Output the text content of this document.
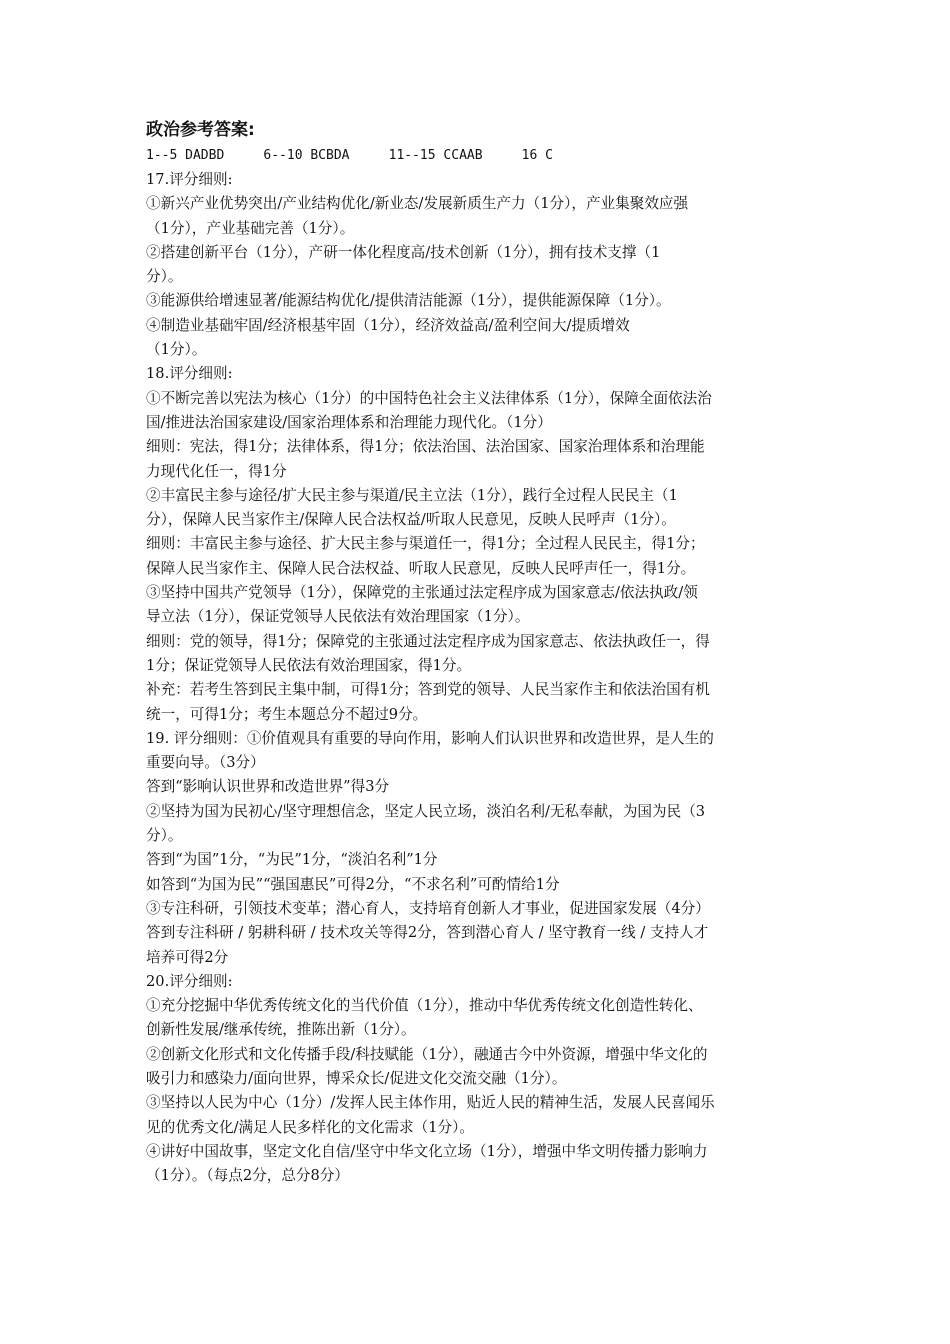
政治参考答案:
1--5 DADBD     6--10 BCBDA     11--15 CCAAB     16 C
17.评分细则:
①新兴产业优势突出/产业结构优化/新业态/发展新质生产力（1分），产业集聚效应强
（1分），产业基础完善（1分）。
②搭建创新平台（1分），产研一体化程度高/技术创新（1分），拥有技术支撑（1
分）。
③能源供给增速显著/能源结构优化/提供清洁能源（1分），提供能源保障（1分）。
④制造业基础牢固/经济根基牢固（1分），经济效益高/盈利空间大/提质增效
（1分）。
18.评分细则:
①不断完善以宪法为核心（1分）的中国特色社会主义法律体系（1分），保障全面依法治
国/推进法治国家建设/国家治理体系和治理能力现代化。（1分）
细则：宪法，得1分；法律体系，得1分；依法治国、法治国家、国家治理体系和治理能
力现代化任一，得1分
②丰富民主参与途径/扩大民主参与渠道/民主立法（1分），践行全过程人民民主（1
分），保障人民当家作主/保障人民合法权益/听取人民意见，反映人民呼声（1分）。
细则：丰富民主参与途径、扩大民主参与渠道任一，得1分；全过程人民民主，得1分；
保障人民当家作主、保障人民合法权益、听取人民意见，反映人民呼声任一，得1分。
③坚持中国共产党领导（1分），保障党的主张通过法定程序成为国家意志/依法执政/领
导立法（1分），保证党领导人民依法有效治理国家（1分）。
细则：党的领导，得1分；保障党的主张通过法定程序成为国家意志、依法执政任一，得
1分；保证党领导人民依法有效治理国家，得1分。
补充：若考生答到民主集中制，可得1分；答到党的领导、人民当家作主和依法治国有机
统一，可得1分；考生本题总分不超过9分。
19. 评分细则：①价值观具有重要的导向作用，影响人们认识世界和改造世界，是人生的
重要向导。（3分）
答到“影响认识世界和改造世界”得3分
②坚持为国为民初心/坚守理想信念，坚定人民立场，淡泊名利/无私奉献，为国为民（3
分）。
答到“为国”1分，“为民”1分，“淡泊名利”1分
如答到“为国为民”“强国惠民”可得2分，“不求名利”可酌情给1分
③专注科研，引领技术变革；潜心育人，支持培育创新人才事业，促进国家发展（4分）
答到专注科研 / 躬耕科研 / 技术攻关等得2分，答到潜心育人 / 坚守教育一线 / 支持人才
培养可得2分
20.评分细则:
①充分挖掘中华优秀传统文化的当代价值（1分），推动中华优秀传统文化创造性转化、
创新性发展/继承传统，推陈出新（1分）。
②创新文化形式和文化传播手段/科技赋能（1分），融通古今中外资源，增强中华文化的
吸引力和感染力/面向世界，博采众长/促进文化交流交融（1分）。
③坚持以人民为中心（1分）/发挥人民主体作用，贴近人民的精神生活，发展人民喜闻乐
见的优秀文化/满足人民多样化的文化需求（1分）。
④讲好中国故事，坚定文化自信/坚守中华文化立场（1分），增强中华文明传播力影响力
（1分）。（每点2分，总分8分）
